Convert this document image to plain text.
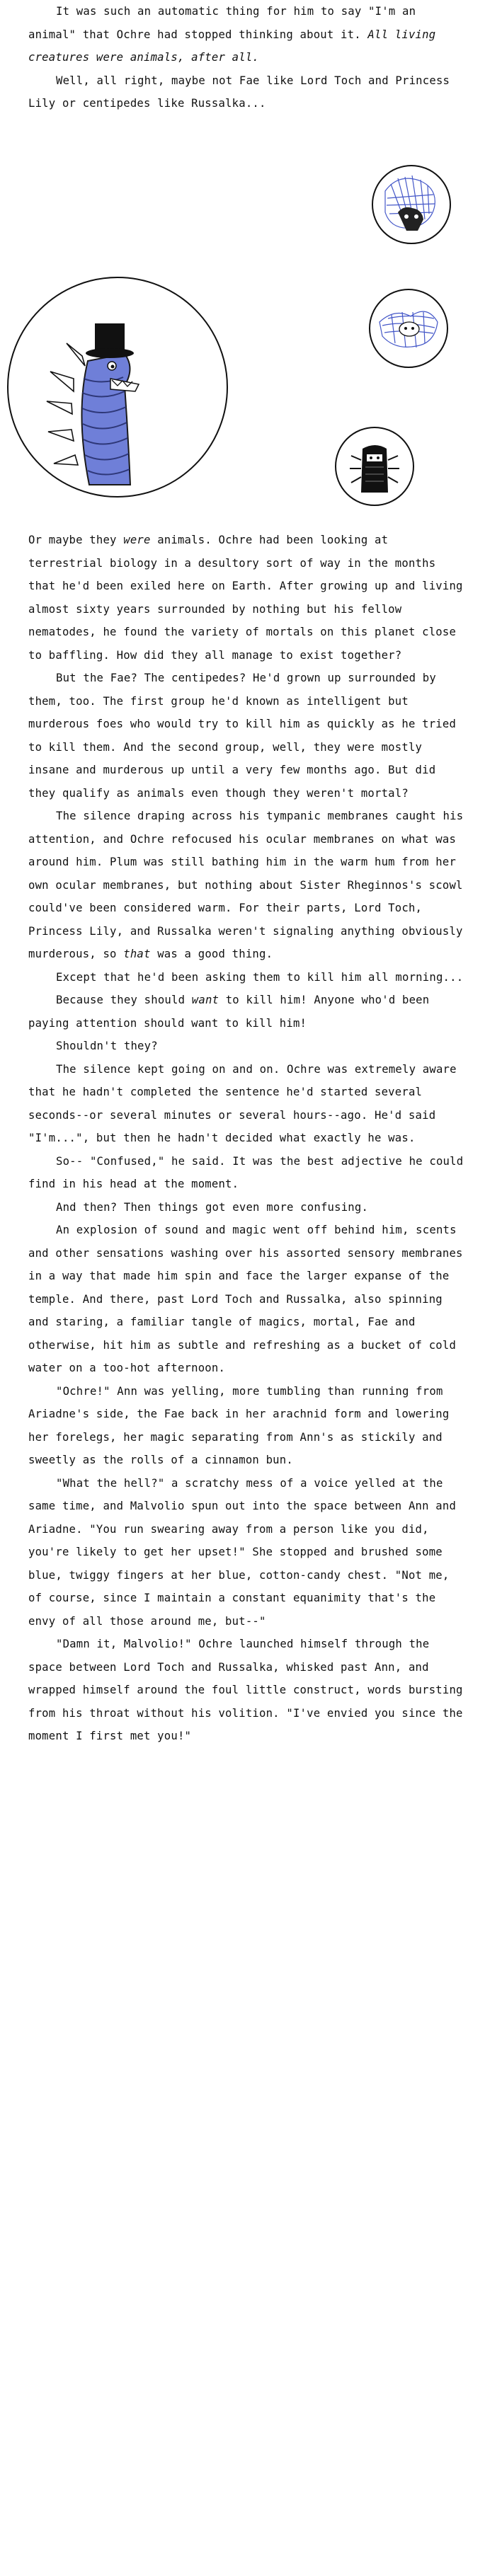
It was such an automatic thing for him to say "I'm an animal" that Ochre had stopped thinking about it. All living creatures were animals, after all.

Well, all right, maybe not Fae like Lord Toch and Princess Lily or centipedes like Russalka...

Or maybe they were animals. Ochre had been looking at terrestrial biology in a desultory sort of way in the months that he'd been exiled here on Earth. After growing up and living almost sixty years surrounded by nothing but his fellow nematodes, he found the variety of mortals on this planet close to baffling. How did they all manage to exist together?

But the Fae? The centipedes? He'd grown up surrounded by them, too. The first group he'd known as intelligent but murderous foes who would try to kill him as quickly as he tried to kill them. And the second group, well, they were mostly insane and murderous up until a very few months ago. But did they qualify as animals even though they weren't mortal?

The silence draping across his tympanic membranes caught his attention, and Ochre refocused his ocular membranes on what was around him. Plum was still bathing him in the warm hum from her own ocular membranes, but nothing about Sister Rheginnos's scowl could've been considered warm. For their parts, Lord Toch, Princess Lily, and Russalka weren't signaling anything obviously murderous, so that was a good thing.

Except that he'd been asking them to kill him all morning...

Because they should want to kill him! Anyone who'd been paying attention should want to kill him!

Shouldn't they?

The silence kept going on and on. Ochre was extremely aware that he hadn't completed the sentence he'd started several seconds--or several minutes or several hours--ago. He'd said "I'm...", but then he hadn't decided what exactly he was.

So-- "Confused," he said. It was the best adjective he could find in his head at the moment.

And then? Then things got even more confusing.

An explosion of sound and magic went off behind him, scents and other sensations washing over his assorted sensory membranes in a way that made him spin and face the larger expanse of the temple. And there, past Lord Toch and Russalka, also spinning and staring, a familiar tangle of magics, mortal, Fae and otherwise, hit him as subtle and refreshing as a bucket of cold water on a too-hot afternoon.

"Ochre!" Ann was yelling, more tumbling than running from Ariadne's side, the Fae back in her arachnid form and lowering her forelegs, her magic separating from Ann's as stickily and sweetly as the rolls of a cinnamon bun.

"What the hell?" a scratchy mess of a voice yelled at the same time, and Malvolio spun out into the space between Ann and Ariadne. "You run swearing away from a person like you did, you're likely to get her upset!" She stopped and brushed some blue, twiggy fingers at her blue, cotton-candy chest. "Not me, of course, since I maintain a constant equanimity that's the envy of all those around me, but--"

"Damn it, Malvolio!" Ochre launched himself through the space between Lord Toch and Russalka, whisked past Ann, and wrapped himself around the foul little construct, words bursting from his throat without his volition. "I've envied you since the moment I first met you!"
